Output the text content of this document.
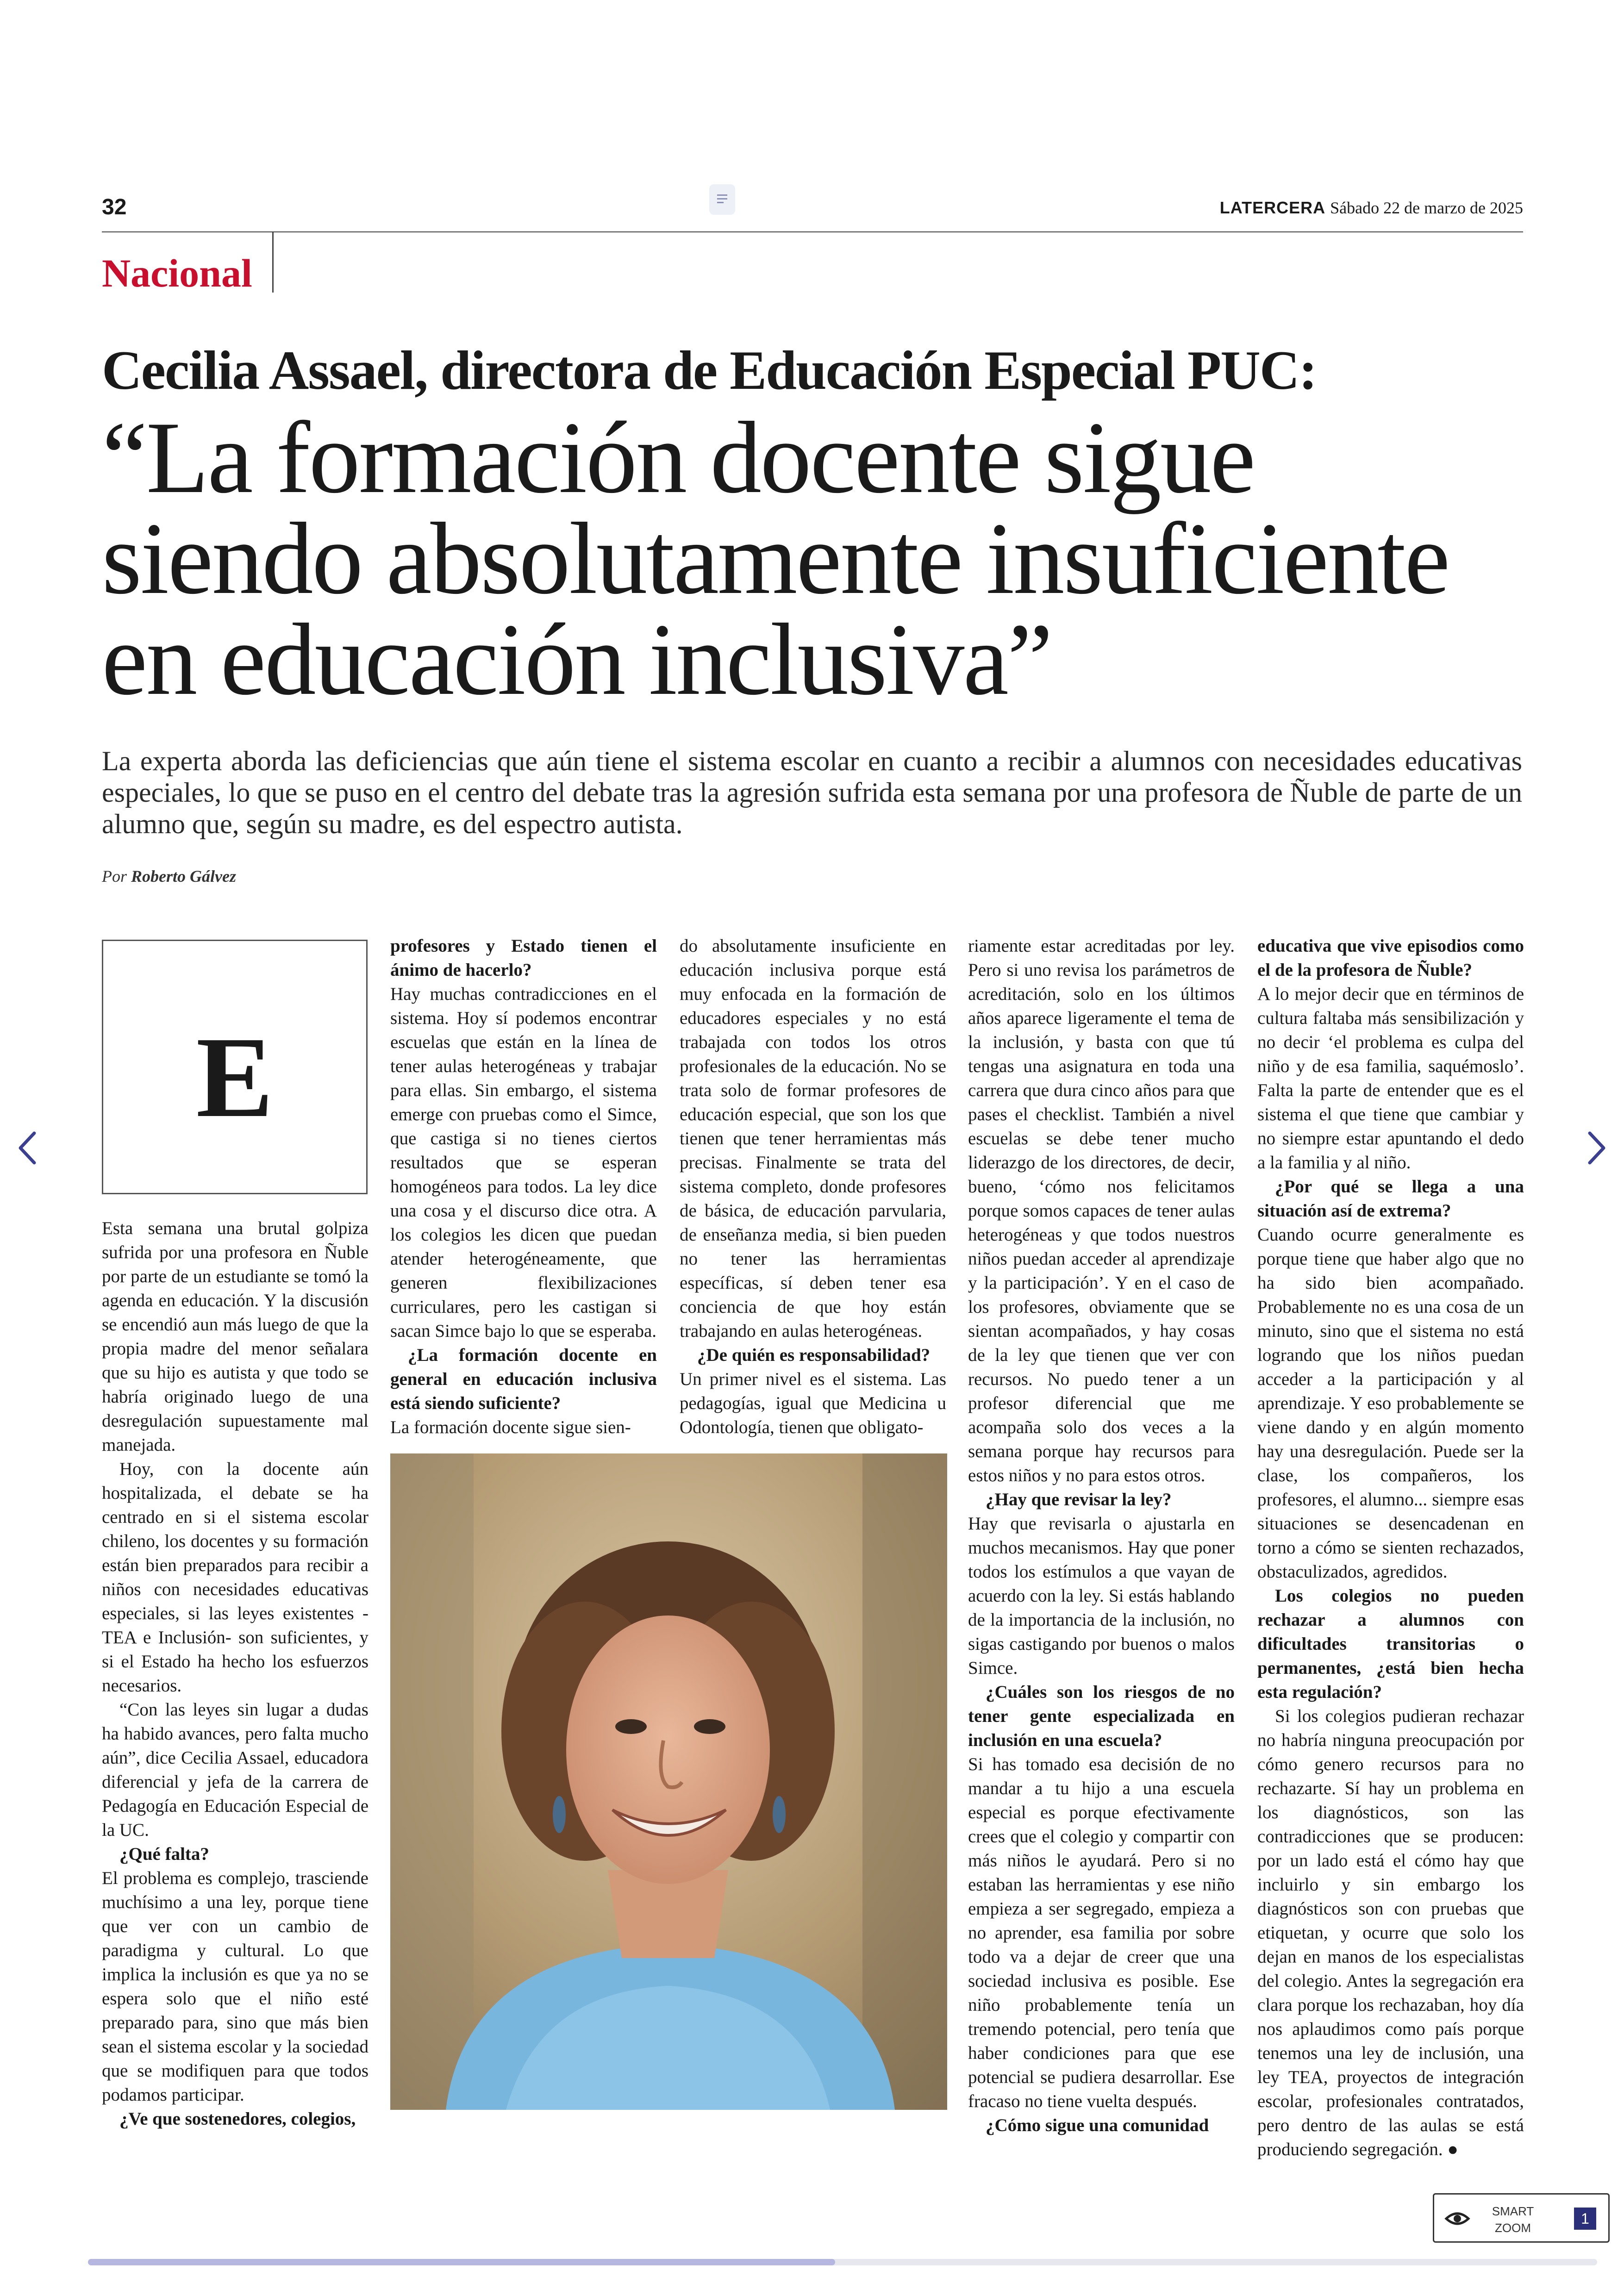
32	LATERCERA Sábado 22 de marzo de 2025
Nacional
Cecilia Assael, directora de Educación Especial PUC:
“La formación docente sigue
siendo absolutamente insuficiente
en educación inclusiva”
La experta aborda las deficiencias que aún tiene el sistema escolar en cuanto a recibir a alumnos con necesidades educativas especiales, lo que se puso en el centro del debate tras la agresión sufrida esta semana por una profesora de Ñuble de parte de un alumno que, según su madre, es del espectro autista.
Por Roberto Gálvez
E

Esta semana una brutal golpiza sufrida por una profesora en Ñuble por parte de un estudiante se tomó la agenda en educación. Y la discusión se encendió aun más luego de que la propia madre del menor señalara que su hijo es autista y que todo se habría originado luego de una desregulación supuestamente mal manejada.

Hoy, con la docente aún hospitalizada, el debate se ha centrado en si el sistema escolar chileno, los docentes y su formación están bien preparados para recibir a niños con necesidades educativas especiales, si las leyes existentes -TEA e Inclusión- son suficientes, y si el Estado ha hecho los esfuerzos necesarios.

“Con las leyes sin lugar a dudas ha habido avances, pero falta mucho aún”, dice Cecilia Assael, educadora diferencial y jefa de la carrera de Pedagogía en Educación Especial de la UC.

¿Qué falta?

El problema es complejo, trasciende muchísimo a una ley, porque tiene que ver con un cambio de paradigma y cultural. Lo que implica la inclusión es que ya no se espera solo que el niño esté preparado para, sino que más bien sean el sistema escolar y la sociedad que se modifiquen para que todos podamos participar.

¿Ve que sostenedores, colegios,

profesores y Estado tienen el ánimo de hacerlo?

Hay muchas contradicciones en el sistema. Hoy sí podemos encontrar escuelas que están en la línea de tener aulas heterogéneas y trabajar para ellas. Sin embargo, el sistema emerge con pruebas como el Simce, que castiga si no tienes ciertos resultados que se esperan homogéneos para todos. La ley dice una cosa y el discurso dice otra. A los colegios les dicen que puedan atender heterogéneamente, que generen flexibilizaciones curriculares, pero les castigan si sacan Simce bajo lo que se esperaba.

¿La formación docente en general en educación inclusiva está siendo suficiente?

La formación docente sigue sien-

do absolutamente insuficiente en educación inclusiva porque está muy enfocada en la formación de educadores especiales y no está trabajada con todos los otros profesionales de la educación. No se trata solo de formar profesores de educación especial, que son los que tienen que tener herramientas más precisas. Finalmente se trata del sistema completo, donde profesores de básica, de educación parvularia, de enseñanza media, si bien pueden no tener las herramientas específicas, sí deben tener esa conciencia de que hoy están trabajando en aulas heterogéneas.

¿De quién es responsabilidad?

Un primer nivel es el sistema. Las pedagogías, igual que Medicina u Odontología, tienen que obligato-

riamente estar acreditadas por ley. Pero si uno revisa los parámetros de acreditación, solo en los últimos años aparece ligeramente el tema de la inclusión, y basta con que tú tengas una asignatura en toda una carrera que dura cinco años para que pases el checklist. También a nivel escuelas se debe tener mucho liderazgo de los directores, de decir, bueno, ‘cómo nos felicitamos porque somos capaces de tener aulas heterogéneas y que todos nuestros niños puedan acceder al aprendizaje y la participación’. Y en el caso de los profesores, obviamente que se sientan acompañados, y hay cosas de la ley que tienen que ver con recursos. No puedo tener a un profesor diferencial que me acompaña solo dos veces a la semana porque hay recursos para estos niños y no para estos otros.

¿Hay que revisar la ley?

Hay que revisarla o ajustarla en muchos mecanismos. Hay que poner todos los estímulos a que vayan de acuerdo con la ley. Si estás hablando de la importancia de la inclusión, no sigas castigando por buenos o malos Simce.

¿Cuáles son los riesgos de no tener gente especializada en inclusión en una escuela?

Si has tomado esa decisión de no mandar a tu hijo a una escuela especial es porque efectivamente crees que el colegio y compartir con más niños le ayudará. Pero si no estaban las herramientas y ese niño empieza a ser segregado, empieza a no aprender, esa familia por sobre todo va a dejar de creer que una sociedad inclusiva es posible. Ese niño probablemente tenía un tremendo potencial, pero tenía que haber condiciones para que ese potencial se pudiera desarrollar. Ese fracaso no tiene vuelta después.

¿Cómo sigue una comunidad

educativa que vive episodios como el de la profesora de Ñuble?

A lo mejor decir que en términos de cultura faltaba más sensibilización y no decir ‘el problema es culpa del niño y de esa familia, saquémoslo’. Falta la parte de entender que es el sistema el que tiene que cambiar y no siempre estar apuntando el dedo a la familia y al niño.

¿Por qué se llega a una situación así de extrema?

Cuando ocurre generalmente es porque tiene que haber algo que no ha sido bien acompañado. Probablemente no es una cosa de un minuto, sino que el sistema no está logrando que los niños puedan acceder a la participación y al aprendizaje. Y eso probablemente se viene dando y en algún momento hay una desregulación. Puede ser la clase, los compañeros, los profesores, el alumno... siempre esas situaciones se desencadenan en torno a cómo se sienten rechazados, obstaculizados, agredidos.

Los colegios no pueden rechazar a alumnos con dificultades transitorias o permanentes, ¿está bien hecha esta regulación?

Si los colegios pudieran rechazar no habría ninguna preocupación por cómo genero recursos para no rechazarte. Sí hay un problema en los diagnósticos, son las contradicciones que se producen: por un lado está el cómo hay que incluirlo y sin embargo los diagnósticos son con pruebas que etiquetan, y ocurre que solo los dejan en manos de los especialistas del colegio. Antes la segregación era clara porque los rechazaban, hoy día nos aplaudimos como país porque tenemos una ley de inclusión, una ley TEA, proyectos de integración escolar, profesionales contratados, pero dentro de las aulas se está produciendo segregación. ●

SMART
ZOOM
1
